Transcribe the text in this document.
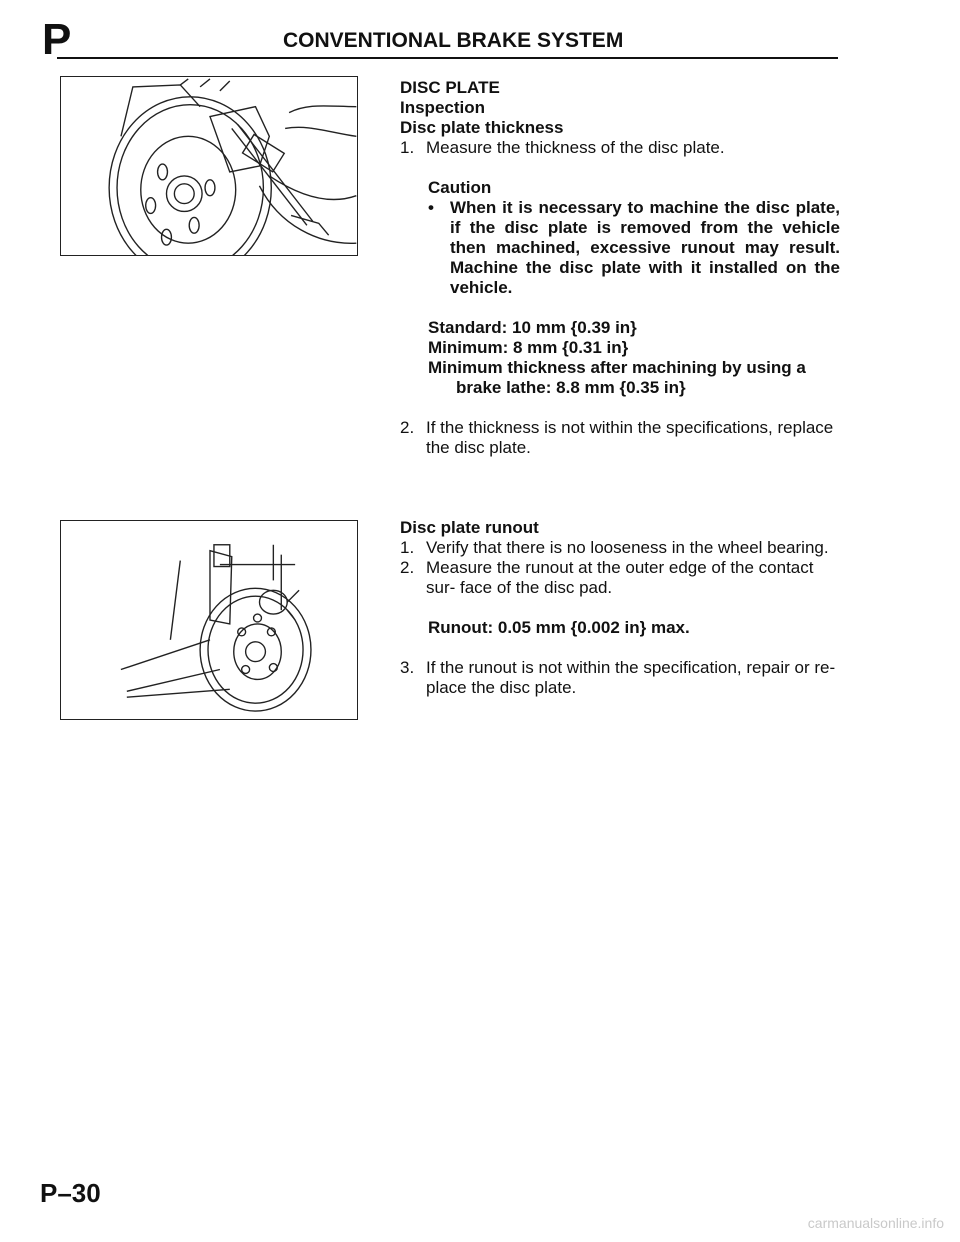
P	CONVENTIONAL BRAKE SYSTEM
DISC PLATE
Inspection
Disc plate thickness
1. Measure the thickness of the disc plate.
Caution
• When it is necessary to machine the disc plate, if the disc plate is removed from the vehicle then machined, excessive runout may result. Machine the disc plate with it installed on the vehicle.
Standard: 10 mm {0.39 in}
Minimum: 8 mm {0.31 in}
Minimum thickness after machining by using a
brake lathe: 8.8 mm {0.35 in}
2. If the thickness is not within the specifications, replace the disc plate.
Disc plate runout
1. Verify that there is no looseness in the wheel bearing.
2. Measure the runout at the outer edge of the contact sur- face of the disc pad.
Runout: 0.05 mm {0.002 in} max.
3. If the runout is not within the specification, repair or re- place the disc plate.
P–30
carmanualsonline.info
